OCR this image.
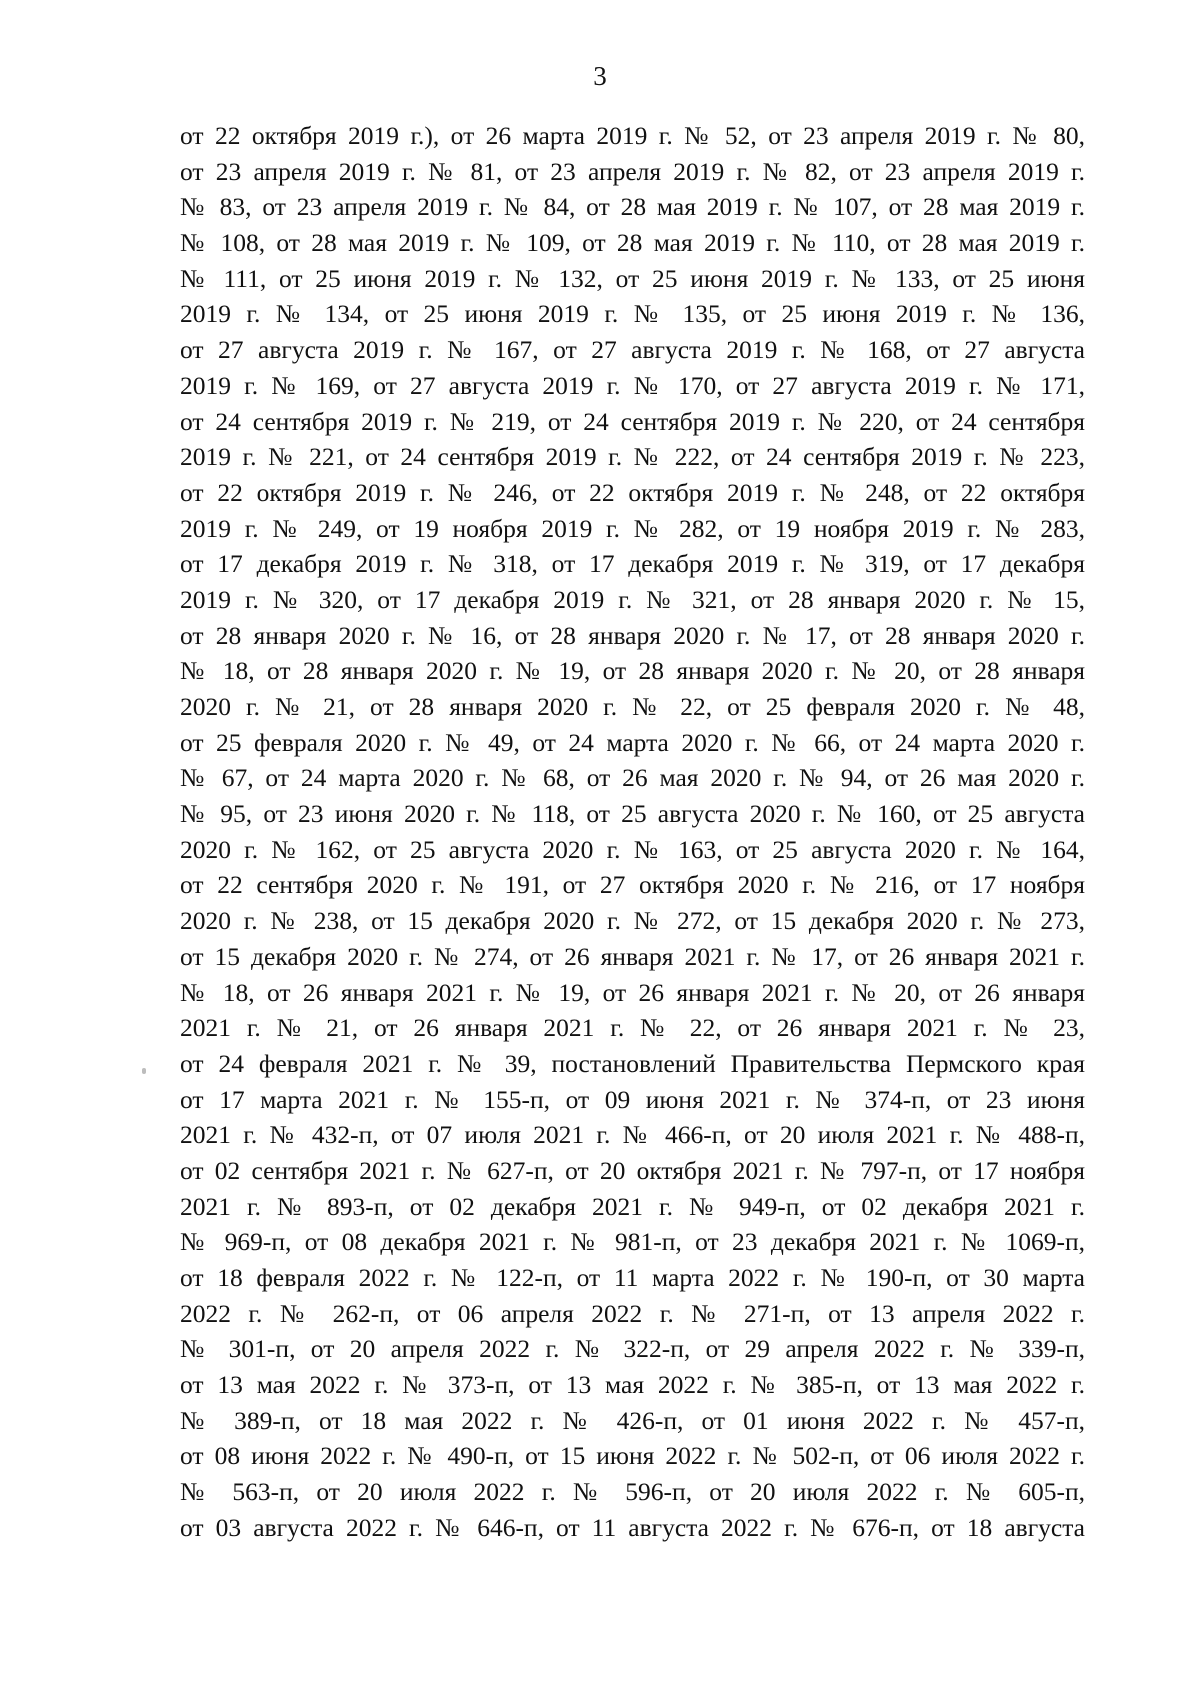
3
от 22 октября 2019 г.), от 26 марта 2019 г. № 52, от 23 апреля 2019 г. № 80,
от 23 апреля 2019 г. № 81, от 23 апреля 2019 г. № 82, от 23 апреля 2019 г.
№ 83, от 23 апреля 2019 г. № 84, от 28 мая 2019 г. № 107, от 28 мая 2019 г.
№ 108, от 28 мая 2019 г. № 109, от 28 мая 2019 г. № 110, от 28 мая 2019 г.
№ 111, от 25 июня 2019 г. № 132, от 25 июня 2019 г. № 133, от 25 июня
2019 г. № 134, от 25 июня 2019 г. № 135, от 25 июня 2019 г. № 136,
от 27 августа 2019 г. № 167, от 27 августа 2019 г. № 168, от 27 августа
2019 г. № 169, от 27 августа 2019 г. № 170, от 27 августа 2019 г. № 171,
от 24 сентября 2019 г. № 219, от 24 сентября 2019 г. № 220, от 24 сентября
2019 г. № 221, от 24 сентября 2019 г. № 222, от 24 сентября 2019 г. № 223,
от 22 октября 2019 г. № 246, от 22 октября 2019 г. № 248, от 22 октября
2019 г. № 249, от 19 ноября 2019 г. № 282, от 19 ноября 2019 г. № 283,
от 17 декабря 2019 г. № 318, от 17 декабря 2019 г. № 319, от 17 декабря
2019 г. № 320, от 17 декабря 2019 г. № 321, от 28 января 2020 г. № 15,
от 28 января 2020 г. № 16, от 28 января 2020 г. № 17, от 28 января 2020 г.
№ 18, от 28 января 2020 г. № 19, от 28 января 2020 г. № 20, от 28 января
2020 г. № 21, от 28 января 2020 г. № 22, от 25 февраля 2020 г. № 48,
от 25 февраля 2020 г. № 49, от 24 марта 2020 г. № 66, от 24 марта 2020 г.
№ 67, от 24 марта 2020 г. № 68, от 26 мая 2020 г. № 94, от 26 мая 2020 г.
№ 95, от 23 июня 2020 г. № 118, от 25 августа 2020 г. № 160, от 25 августа
2020 г. № 162, от 25 августа 2020 г. № 163, от 25 августа 2020 г. № 164,
от 22 сентября 2020 г. № 191, от 27 октября 2020 г. № 216, от 17 ноября
2020 г. № 238, от 15 декабря 2020 г. № 272, от 15 декабря 2020 г. № 273,
от 15 декабря 2020 г. № 274, от 26 января 2021 г. № 17, от 26 января 2021 г.
№ 18, от 26 января 2021 г. № 19, от 26 января 2021 г. № 20, от 26 января
2021 г. № 21, от 26 января 2021 г. № 22, от 26 января 2021 г. № 23,
от 24 февраля 2021 г. № 39, постановлений Правительства Пермского края
от 17 марта 2021 г. № 155-п, от 09 июня 2021 г. № 374-п, от 23 июня
2021 г. № 432-п, от 07 июля 2021 г. № 466-п, от 20 июля 2021 г. № 488-п,
от 02 сентября 2021 г. № 627-п, от 20 октября 2021 г. № 797-п, от 17 ноября
2021 г. № 893-п, от 02 декабря 2021 г. № 949-п, от 02 декабря 2021 г.
№ 969-п, от 08 декабря 2021 г. № 981-п, от 23 декабря 2021 г. № 1069-п,
от 18 февраля 2022 г. № 122-п, от 11 марта 2022 г. № 190-п, от 30 марта
2022 г. № 262-п, от 06 апреля 2022 г. № 271-п, от 13 апреля 2022 г.
№ 301-п, от 20 апреля 2022 г. № 322-п, от 29 апреля 2022 г. № 339-п,
от 13 мая 2022 г. № 373-п, от 13 мая 2022 г. № 385-п, от 13 мая 2022 г.
№ 389-п, от 18 мая 2022 г. № 426-п, от 01 июня 2022 г. № 457-п,
от 08 июня 2022 г. № 490-п, от 15 июня 2022 г. № 502-п, от 06 июля 2022 г.
№ 563-п, от 20 июля 2022 г. № 596-п, от 20 июля 2022 г. № 605-п,
от 03 августа 2022 г. № 646-п, от 11 августа 2022 г. № 676-п, от 18 августа
